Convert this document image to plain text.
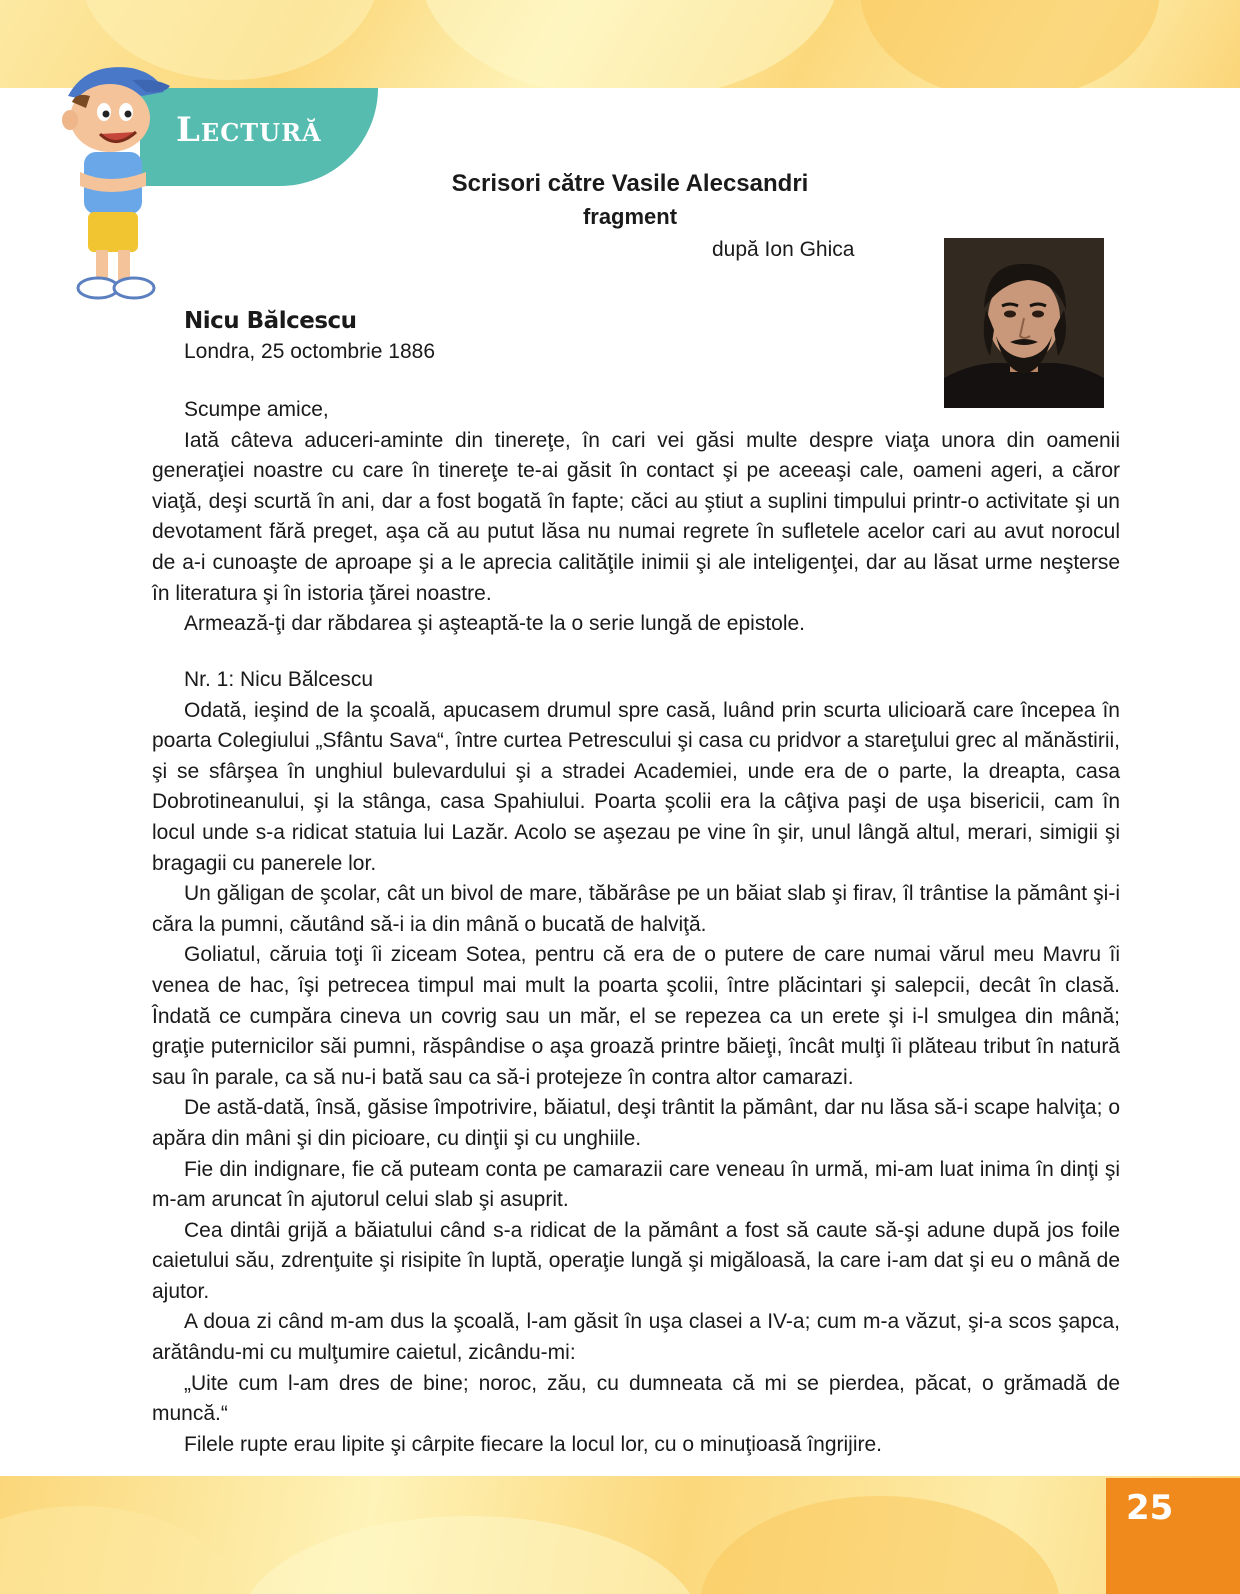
25
Lectură
Scrisori către Vasile Alecsandri
fragment
după Ion Ghica
Nicu Bălcescu
Londra, 25 octombrie 1886

Scumpe amice,

Iată câteva aduceri-aminte din tinereţe, în cari vei găsi multe despre viaţa unora din oamenii generaţiei noastre cu care în tinereţe te-ai găsit în contact şi pe aceeaşi cale, oameni ageri, a căror viaţă, deşi scurtă în ani, dar a fost bogată în fapte; căci au ştiut a suplini timpului printr-o activitate şi un devotament fără preget, aşa că au putut lăsa nu numai regrete în sufletele acelor cari au avut norocul de a-i cunoaşte de aproape şi a le aprecia calităţile inimii şi ale inteligenţei, dar au lăsat urme neşterse în literatura şi în istoria ţărei noastre.

Armează-ţi dar răbdarea şi aşteaptă-te la o serie lungă de epistole.

Nr. 1: Nicu Bălcescu

Odată, ieşind de la şcoală, apucasem drumul spre casă, luând prin scurta ulicioară care începea în poarta Colegiului „Sfântu Sava“, între curtea Petrescului şi casa cu pridvor a stareţului grec al mănăstirii, şi se sfârşea în unghiul bulevardului şi a stradei Academiei, unde era de o parte, la dreapta, casa Dobrotineanului, şi la stânga, casa Spahiului. Poarta şcolii era la câţiva paşi de uşa bisericii, cam în locul unde s-a ridicat statuia lui Lazăr. Acolo se aşezau pe vine în şir, unul lângă altul, merari, simigii şi bragagii cu panerele lor.

Un găligan de şcolar, cât un bivol de mare, tăbărâse pe un băiat slab şi firav, îl trântise la pământ şi-i căra la pumni, căutând să-i ia din mână o bucată de halviţă.

Goliatul, căruia toţi îi ziceam Sotea, pentru că era de o putere de care numai vărul meu Mavru îi venea de hac, îşi petrecea timpul mai mult la poarta şcolii, între plăcintari şi salepcii, decât în clasă. Îndată ce cumpăra cineva un covrig sau un măr, el se repezea ca un erete şi i-l smulgea din mână; graţie puternicilor săi pumni, răspândise o aşa groază printre băieţi, încât mulţi îi plăteau tribut în natură sau în parale, ca să nu-i bată sau ca să-i protejeze în contra altor camarazi.

De astă-dată, însă, găsise împotrivire, băiatul, deşi trântit la pământ, dar nu lăsa să-i scape halviţa; o apăra din mâni şi din picioare, cu dinţii şi cu unghiile.

Fie din indignare, fie că puteam conta pe camarazii care veneau în urmă, mi-am luat inima în dinţi şi m-am aruncat în ajutorul celui slab şi asuprit.

Cea dintâi grijă a băiatului când s-a ridicat de la pământ a fost să caute să-şi adune după jos foile caietului său, zdrenţuite şi risipite în luptă, operaţie lungă şi migăloasă, la care i-am dat şi eu o mână de ajutor.

A doua zi când m-am dus la şcoală, l-am găsit în uşa clasei a IV-a; cum m-a văzut, şi-a scos şapca, arătându-mi cu mulţumire caietul, zicându-mi:

„Uite cum l-am dres de bine; noroc, zău, cu dumneata că mi se pierdea, păcat, o grămadă de muncă.“

Filele rupte erau lipite şi cârpite fiecare la locul lor, cu o minuţioasă îngrijire.
